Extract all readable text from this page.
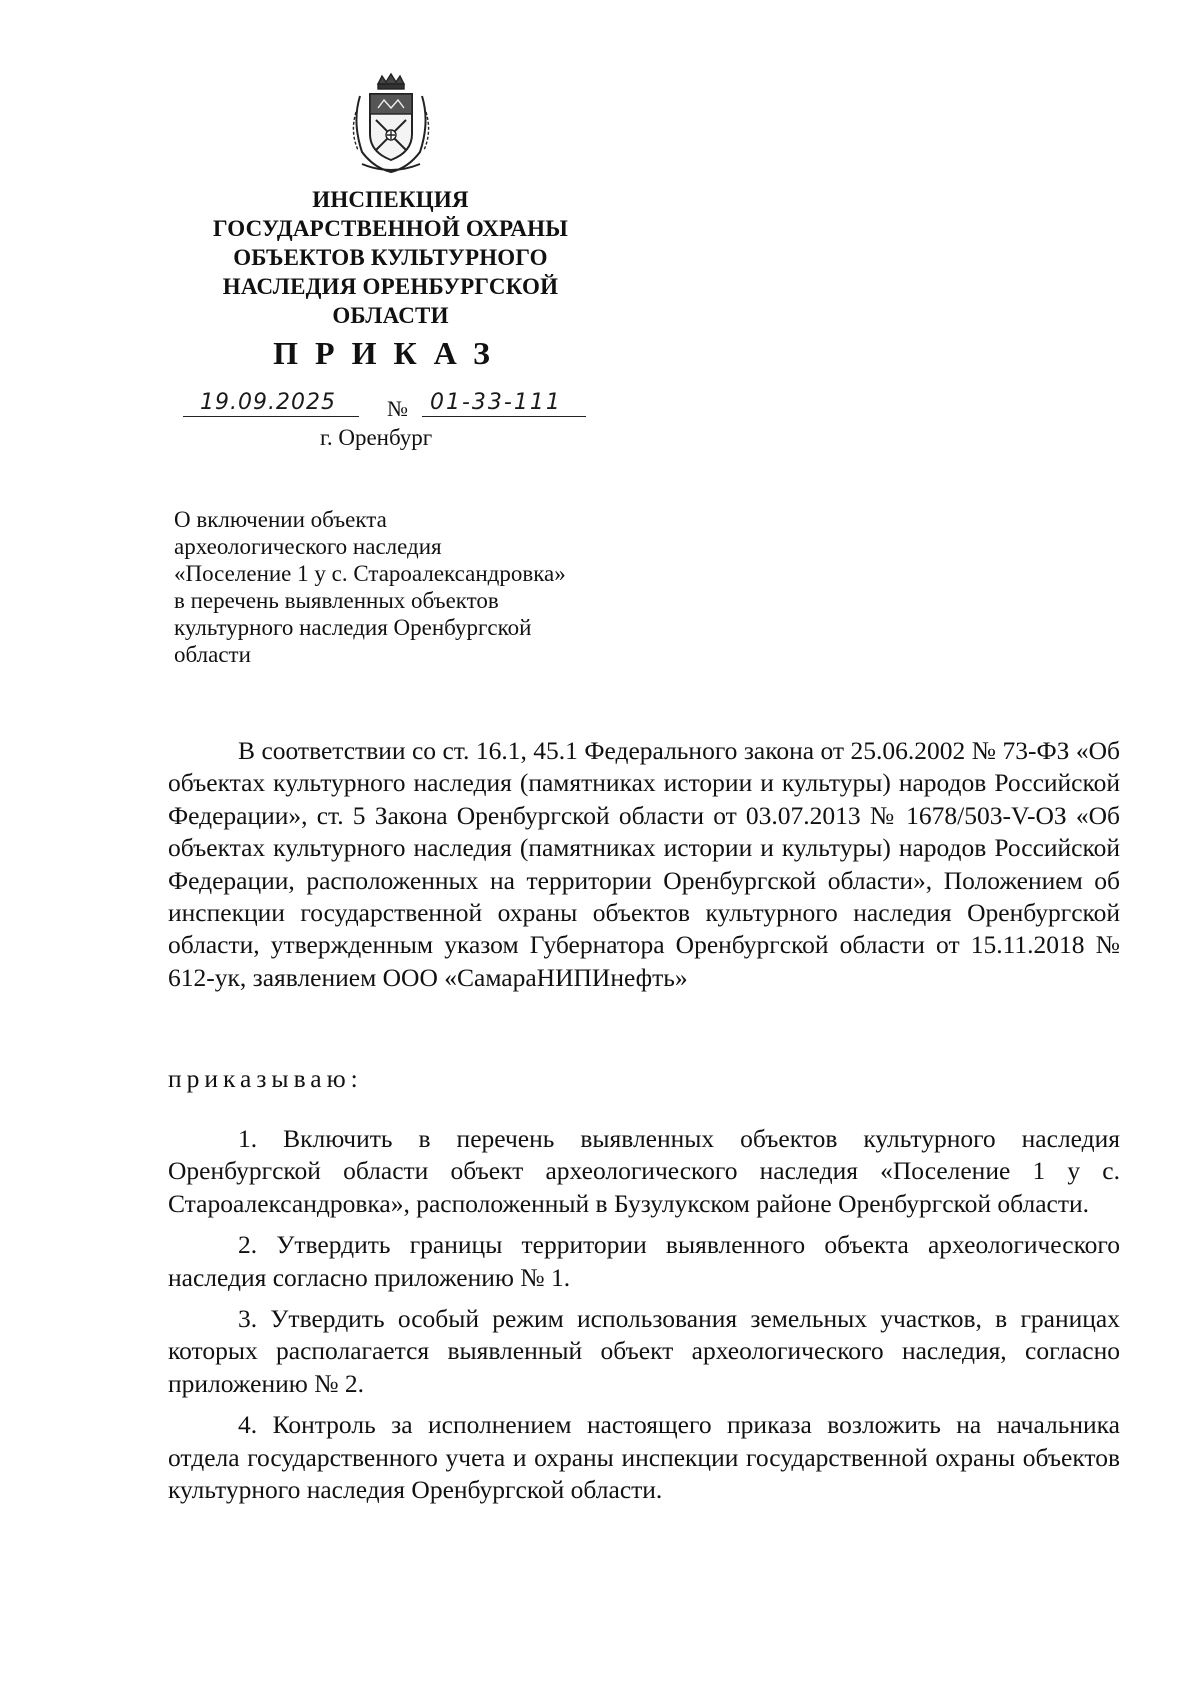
ИНСПЕКЦИЯ
ГОСУДАРСТВЕННОЙ ОХРАНЫ
ОБЪЕКТОВ КУЛЬТУРНОГО
НАСЛЕДИЯ ОРЕНБУРГСКОЙ
ОБЛАСТИ
ПРИКАЗ
19.09.2025	№ 01-33-111
г. Оренбург
О включении объекта
археологического наследия
«Поселение 1 у с. Староалександровка»
в перечень выявленных объектов
культурного наследия Оренбургской
области

В соответствии со ст. 16.1, 45.1 Федерального закона от 25.06.2002 № 73-ФЗ «Об объектах культурного наследия (памятниках истории и культуры) народов Российской Федерации», ст. 5 Закона Оренбургской области от 03.07.2013 № 1678/503-V-ОЗ «Об объектах культурного наследия (памятниках истории и культуры) народов Российской Федерации, расположенных на территории Оренбургской области», Положением об инспекции государственной охраны объектов культурного наследия Оренбургской области, утвержденным указом Губернатора Оренбургской области от 15.11.2018 № 612-ук, заявлением ООО «СамараНИПИнефть»

приказываю:

1. Включить в перечень выявленных объектов культурного наследия Оренбургской области объект археологического наследия «Поселение 1 у с. Староалександровка», расположенный в Бузулукском районе Оренбургской области.

2. Утвердить границы территории выявленного объекта археологического наследия согласно приложению № 1.

3. Утвердить особый режим использования земельных участков, в границах которых располагается выявленный объект археологического наследия, согласно приложению № 2.

4. Контроль за исполнением настоящего приказа возложить на начальника отдела государственного учета и охраны инспекции государственной охраны объектов культурного наследия Оренбургской области.
